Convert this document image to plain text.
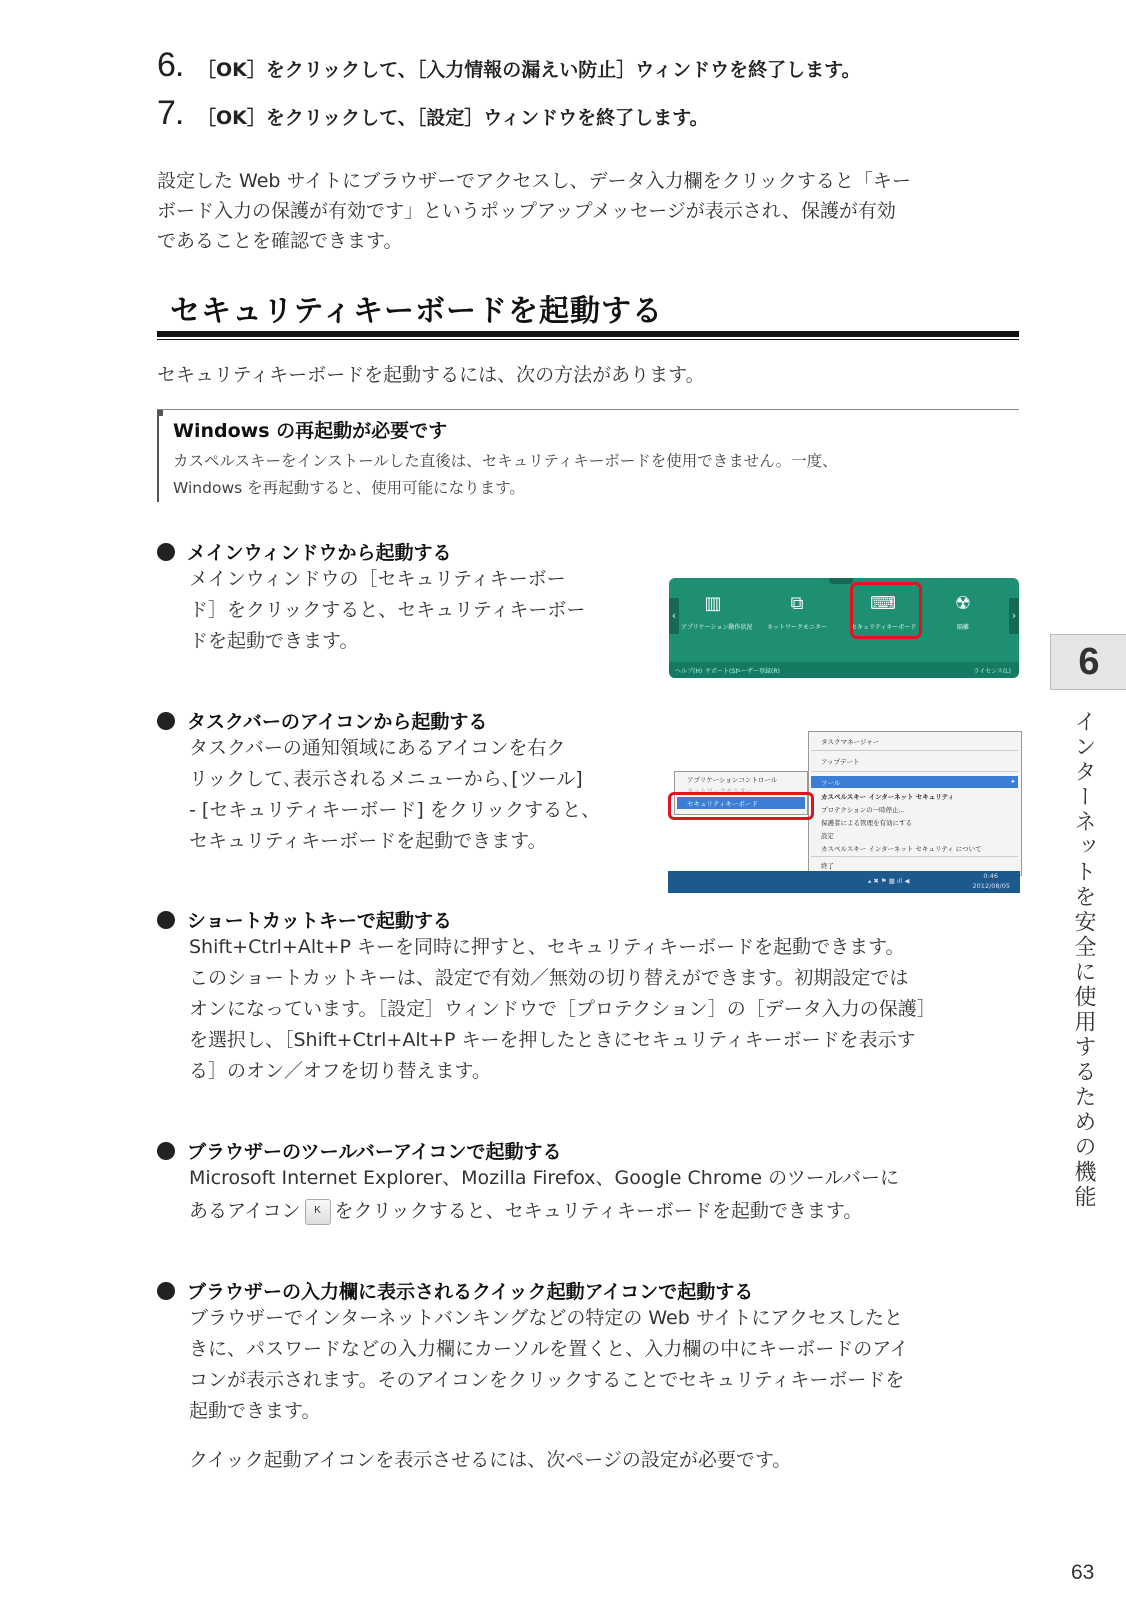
6. ［OK］をクリックして、［入力情報の漏えい防止］ウィンドウを終了します。
7. ［OK］をクリックして、［設定］ウィンドウを終了します。
設定した Web サイトにブラウザーでアクセスし、データ入力欄をクリックすると「キー
ボード入力の保護が有効です」というポップアップメッセージが表示され、保護が有効
であることを確認できます。
セキュリティキーボードを起動する
セキュリティキーボードを起動するには、次の方法があります。
Windows の再起動が必要です
カスペルスキーをインストールした直後は、セキュリティキーボードを使用できません。一度、
Windows を再起動すると、使用可能になります。
メインウィンドウから起動する
メインウィンドウの［セキュリティキーボー
ド］をクリックすると、セキュリティキーボー
ドを起動できます。
‹	›
▥
アプリケーション動作状況
⧉
ネットワークモニター
⌨
セキュリティキーボード
☢
隔離
ヘルプ(H) サポート(S)
ユーザー登録(R)	ライセンス(L)
タスクバーのアイコンから起動する
タスクバーの通知領域にあるアイコンを右ク
リックして､表示されるメニューから､[ツール]
- [セキュリティキーボード] をクリックすると、
セキュリティキーボードを起動できます。
タスクマネージャー
アップデート
ツール	▸
カスペルスキー インターネット セキュリティ
プロテクションの一時停止...
保護者による管理を有効にする
設定
カスペルスキー インターネット セキュリティ について
終了
アプリケーションコントロール
ネットワークモニター
セキュリティキーボード
▴ ✖ ⚑ ▦ ıll ◀
0:46
2012/08/05
ショートカットキーで起動する
Shift+Ctrl+Alt+P キーを同時に押すと、セキュリティキーボードを起動できます。
このショートカットキーは、設定で有効／無効の切り替えができます。初期設定では
オンになっています。［設定］ウィンドウで［プロテクション］の［データ入力の保護］
を選択し、［Shift+Ctrl+Alt+P キーを押したときにセキュリティキーボードを表示す
る］のオン／オフを切り替えます。
ブラウザーのツールバーアイコンで起動する
Microsoft Internet Explorer、Mozilla Firefox、Google Chrome のツールバーに
あるアイコン K をクリックすると、セキュリティキーボードを起動できます。
ブラウザーの入力欄に表示されるクイック起動アイコンで起動する
ブラウザーでインターネットバンキングなどの特定の Web サイトにアクセスしたと
きに、パスワードなどの入力欄にカーソルを置くと、入力欄の中にキーボードのアイ
コンが表示されます。そのアイコンをクリックすることでセキュリティキーボードを
起動できます。
クイック起動アイコンを表示させるには、次ページの設定が必要です。
6
インターネットを安全に使用するための機能
63
